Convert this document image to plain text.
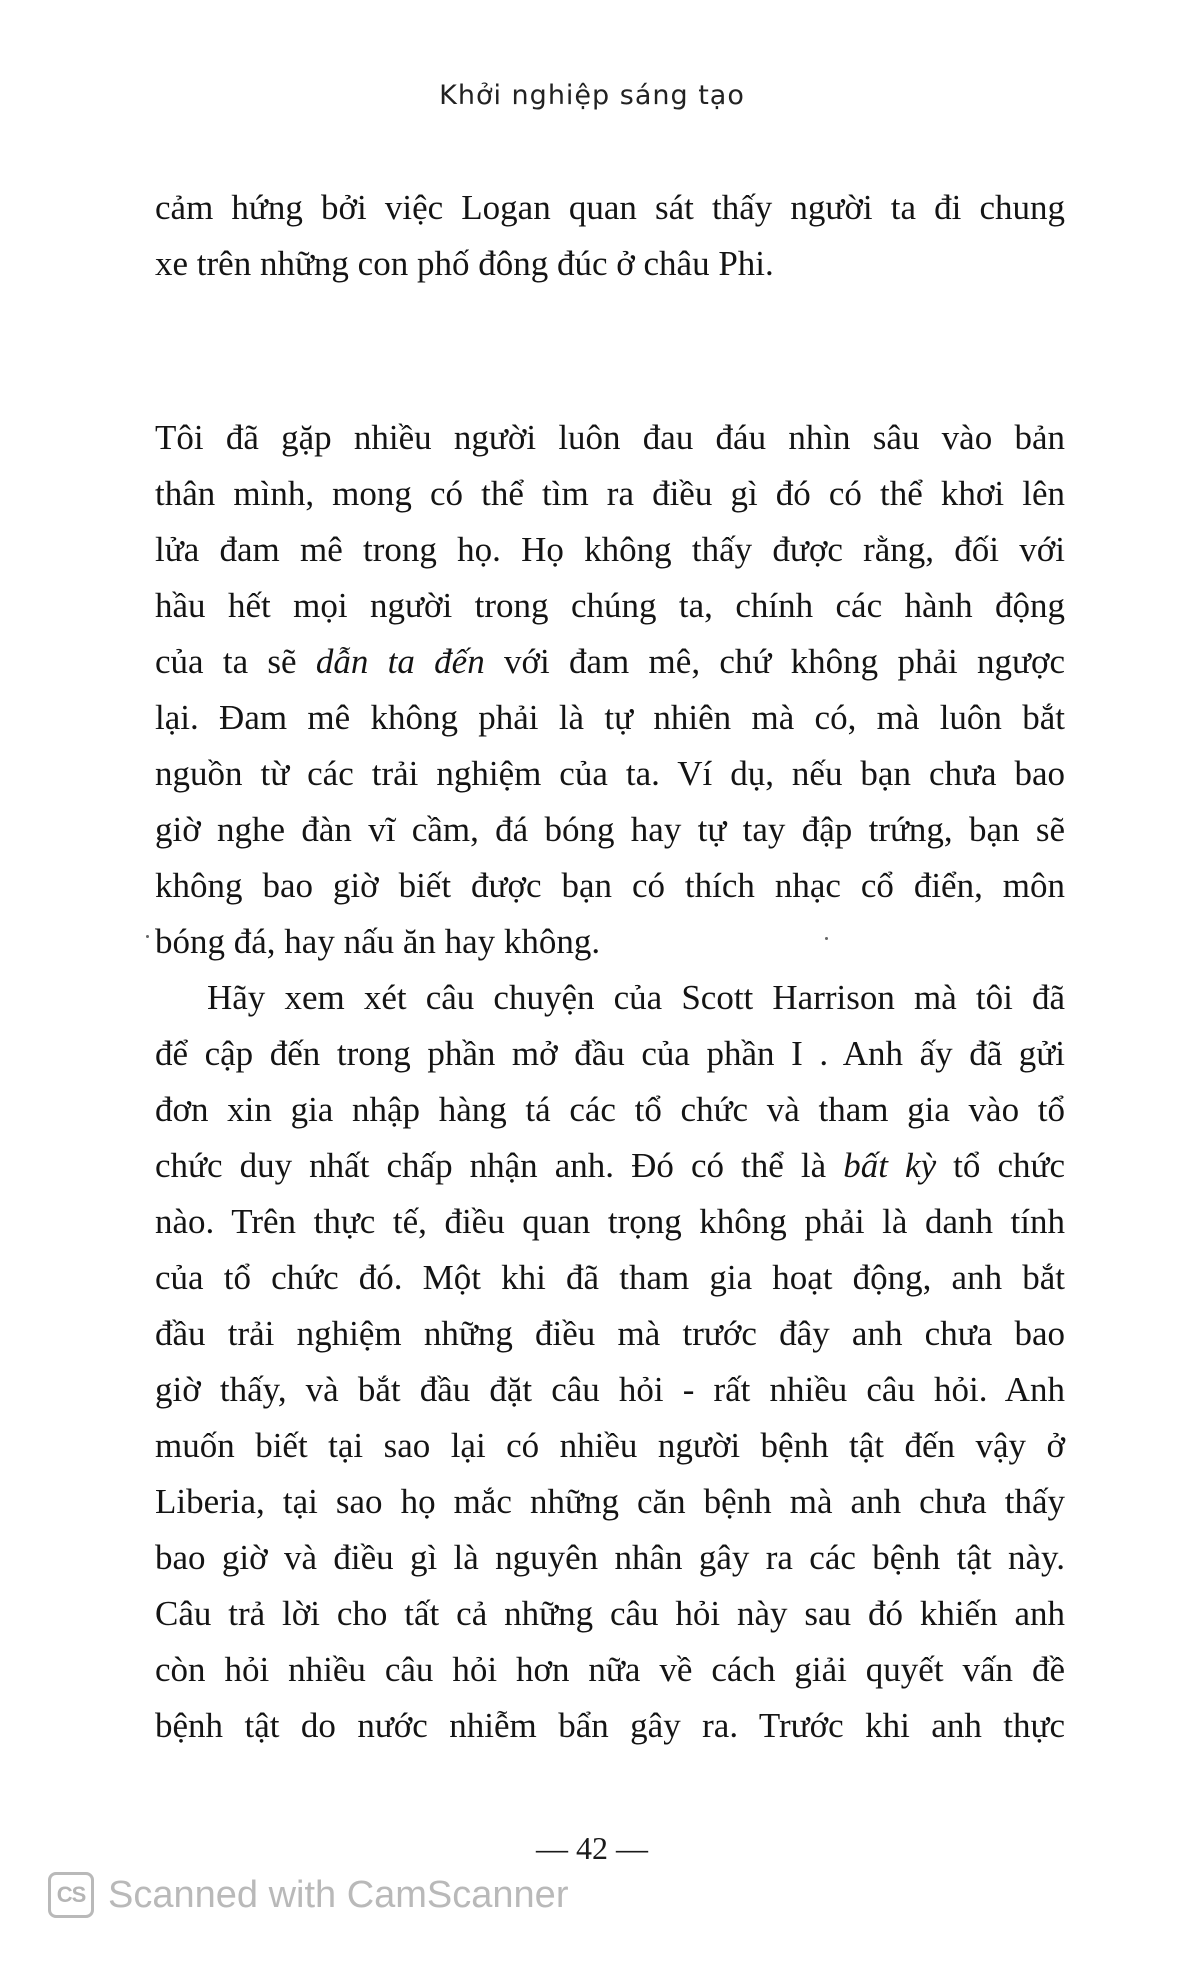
Khởi nghiệp sáng tạo
cảm hứng bởi việc Logan quan sát thấy người ta đi chung
xe trên những con phố đông đúc ở châu Phi.
Tôi đã gặp nhiều người luôn đau đáu nhìn sâu vào bản
thân mình, mong có thể tìm ra điều gì đó có thể khơi lên
lửa đam mê trong họ. Họ không thấy được rằng, đối với
hầu hết mọi người trong chúng ta, chính các hành động
của ta sẽ dẫn ta đến với đam mê, chứ không phải ngược
lại. Đam mê không phải là tự nhiên mà có, mà luôn bắt
nguồn từ các trải nghiệm của ta. Ví dụ, nếu bạn chưa bao
giờ nghe đàn vĩ cầm, đá bóng hay tự tay đập trứng, bạn sẽ
không bao giờ biết được bạn có thích nhạc cổ điển, môn
bóng đá, hay nấu ăn hay không.
Hãy xem xét câu chuyện của Scott Harrison mà tôi đã
để cập đến trong phần mở đầu của phần I . Anh ấy đã gửi
đơn xin gia nhập hàng tá các tổ chức và tham gia vào tổ
chức duy nhất chấp nhận anh. Đó có thể là bất kỳ tổ chức
nào. Trên thực tế, điều quan trọng không phải là danh tính
của tổ chức đó. Một khi đã tham gia hoạt động, anh bắt
đầu trải nghiệm những điều mà trước đây anh chưa bao
giờ thấy, và bắt đầu đặt câu hỏi - rất nhiều câu hỏi. Anh
muốn biết tại sao lại có nhiều người bệnh tật đến vậy ở
Liberia, tại sao họ mắc những căn bệnh mà anh chưa thấy
bao giờ và điều gì là nguyên nhân gây ra các bệnh tật này.
Câu trả lời cho tất cả những câu hỏi này sau đó khiến anh
còn hỏi nhiều câu hỏi hơn nữa về cách giải quyết vấn đề
bệnh tật do nước nhiễm bẩn gây ra. Trước khi anh thực
— 42 —
CS Scanned with CamScanner
